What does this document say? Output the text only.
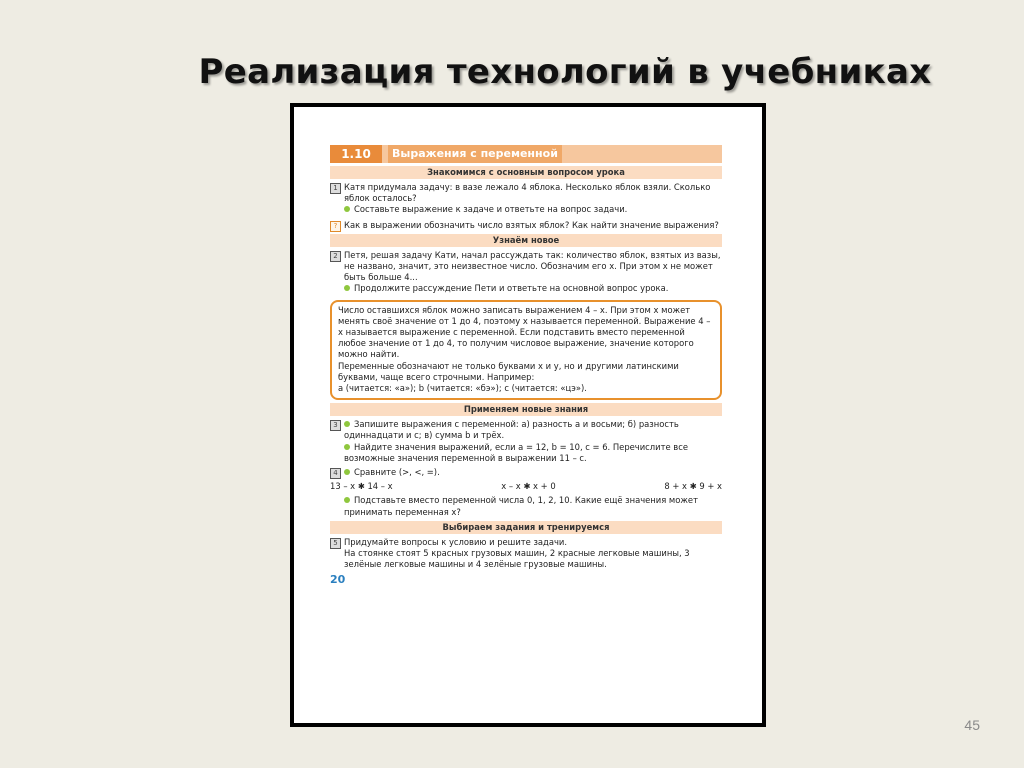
Реализация технологий в учебниках
1.10	Выражения с переменной
Знакомимся с основным вопросом урока
1 Катя придумала задачу: в вазе лежало 4 яблока. Несколько яблок взяли. Сколько яблок осталось?
Составьте выражение к задаче и ответьте на вопрос задачи.
? Как в выражении обозначить число взятых яблок? Как найти значение выражения?
Узнаём новое
2 Петя, решая задачу Кати, начал рассуждать так: количество яблок, взятых из вазы, не названо, значит, это неизвестное число. Обозначим его x. При этом x не может быть больше 4...
Продолжите рассуждение Пети и ответьте на основной вопрос урока.

Число оставшихся яблок можно записать выражением 4 – x. При этом x может менять своё значение от 1 до 4, поэтому x называется переменной. Выражение 4 – x называется выражение с переменной. Если подставить вместо переменной любое значение от 1 до 4, то получим числовое выражение, значение которого можно найти.

Переменные обозначают не только буквами x и y, но и другими латинскими буквами, чаще всего строчными. Например:

a (читается: «а»); b (читается: «бэ»); c (читается: «цэ»).

Применяем новые знания
3	Запишите выражения с переменной: а) разность a и восьми; б) разность одиннадцати и c; в) сумма b и трёх.
Найдите значения выражений, если a = 12, b = 10, c = 6. Перечислите все возможные значения переменной в выражении 11 – c.
4	Сравните (>, <, =).
13 – x ✱ 14 – x	x – x ✱ x + 0	8 + x ✱ 9 + x
Подставьте вместо переменной числа 0, 1, 2, 10. Какие ещё значения может принимать переменная x?
Выбираем задания и тренируемся
5 Придумайте вопросы к условию и решите задачи.
На стоянке стоят 5 красных грузовых машин, 2 красные легковые машины, 3 зелёные легковые машины и 4 зелёные грузовые машины.
20
45
